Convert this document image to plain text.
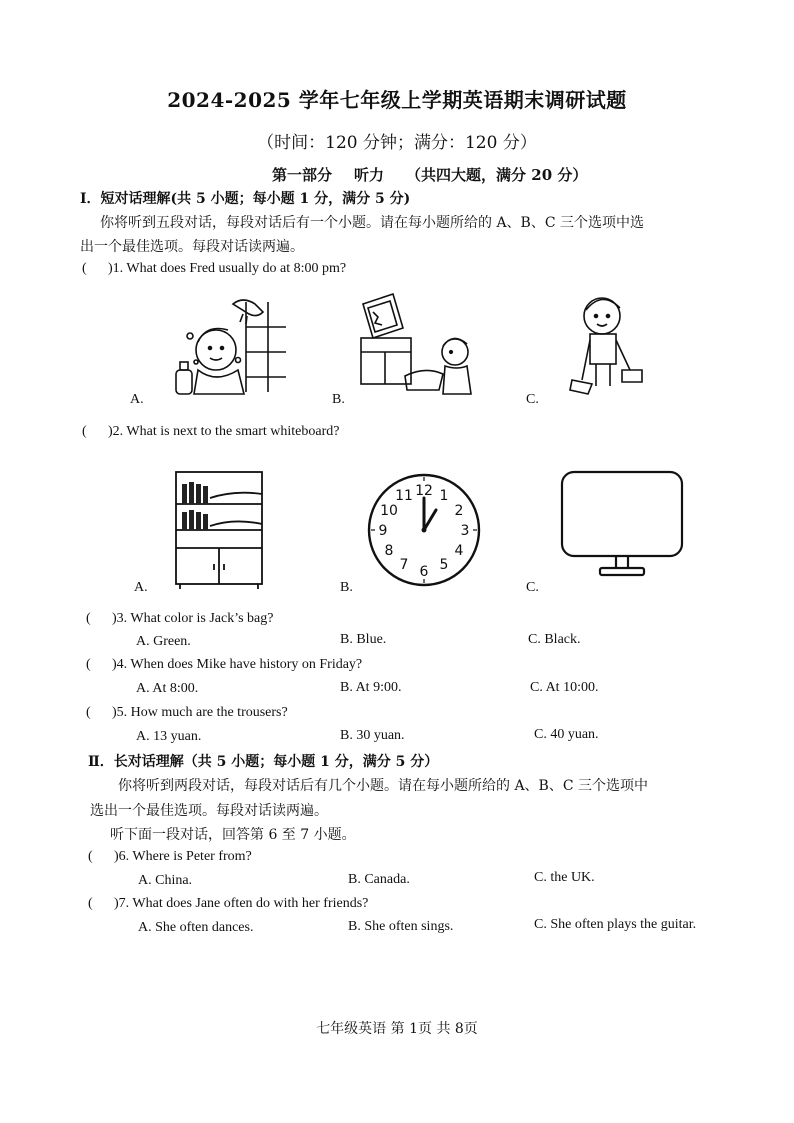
2024-2025 学年七年级上学期英语期末调研试题
（时间：120 分钟；满分：120 分）
第一部分 听力 （共四大题，满分 20 分）
Ⅰ．短对话理解(共 5 小题；每小题 1 分，满分 5 分)
你将听到五段对话，每段对话后有一个小题。请在每小题所给的 A、B、C 三个选项中选
出一个最佳选项。每段对话读两遍。
( )1. What does Fred usually do at 8:00 pm?
A.	B.	C.
( )2. What is next to the smart whiteboard?
A.
12 1
2
3
4
5
6
7
8
9
10
11
B.	C.
( )3. What color is Jack’s bag?
A. Green.	B. Blue.	C. Black.
( )4. When does Mike have history on Friday?
A. At 8:00.	B. At 9:00.	C. At 10:00.
( )5. How much are the trousers?
A. 13 yuan.	B. 30 yuan.	C. 40 yuan.
Ⅱ．长对话理解（共 5 小题；每小题 1 分，满分 5 分）
你将听到两段对话，每段对话后有几个小题。请在每小题所给的 A、B、C 三个选项中
选出一个最佳选项。每段对话读两遍。
听下面一段对话，回答第 6 至 7 小题。
( )6. Where is Peter from?
A. China.	B. Canada.	C. the UK.
( )7. What does Jane often do with her friends?
A. She often dances.	B. She often sings.	C. She often plays the guitar.
七年级英语 第 1页 共 8页
